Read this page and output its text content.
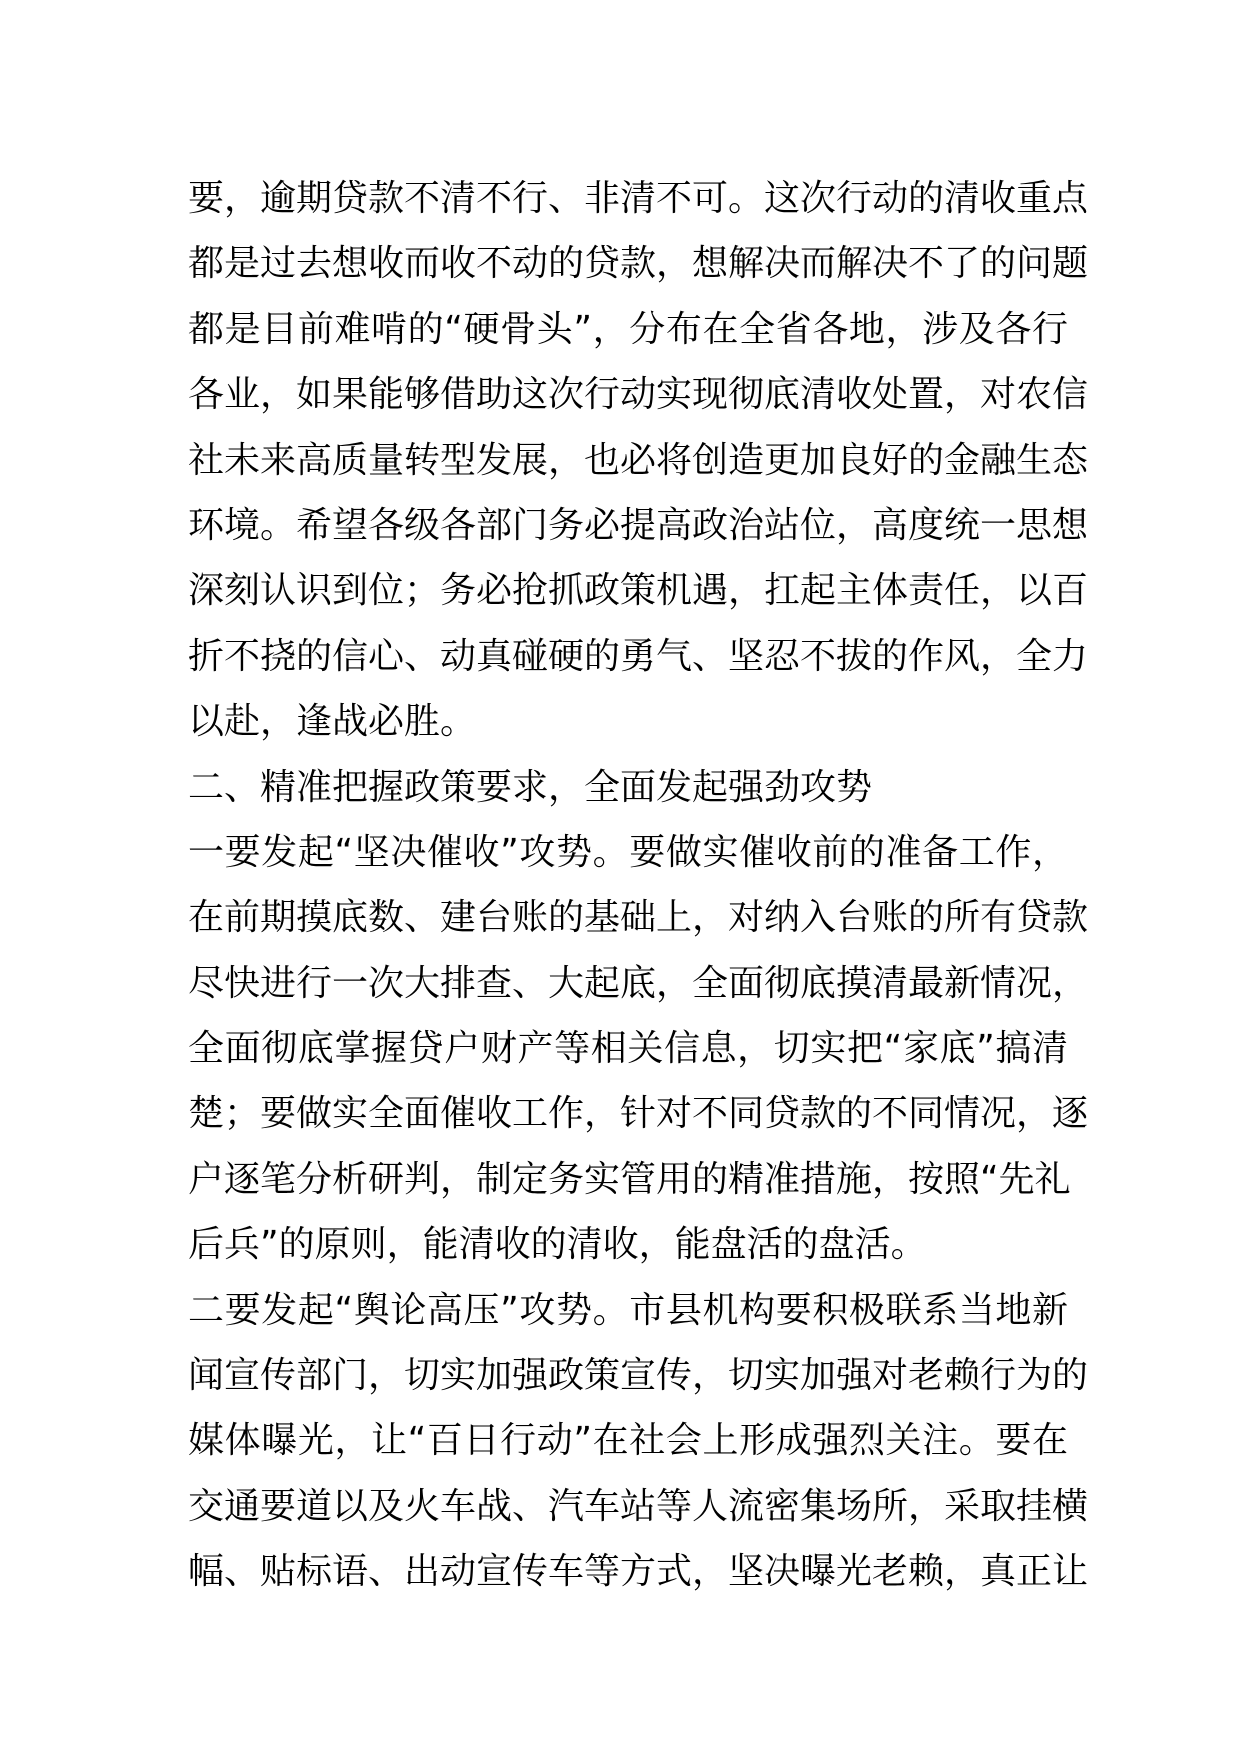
要，逾期贷款不清不行、非清不可。这次行动的清收重点
都是过去想收而收不动的贷款，想解决而解决不了的问题
都是目前难啃的“硬骨头”，分布在全省各地，涉及各行
各业，如果能够借助这次行动实现彻底清收处置，对农信
社未来高质量转型发展，也必将创造更加良好的金融生态
环境。希望各级各部门务必提高政治站位，高度统一思想
深刻认识到位；务必抢抓政策机遇，扛起主体责任，以百
折不挠的信心、动真碰硬的勇气、坚忍不拔的作风，全力
以赴，逢战必胜。
二、精准把握政策要求，全面发起强劲攻势
一要发起“坚决催收”攻势。要做实催收前的准备工作，
在前期摸底数、建台账的基础上，对纳入台账的所有贷款
尽快进行一次大排查、大起底，全面彻底摸清最新情况，
全面彻底掌握贷户财产等相关信息，切实把“家底”搞清
楚；要做实全面催收工作，针对不同贷款的不同情况，逐
户逐笔分析研判，制定务实管用的精准措施，按照“先礼
后兵”的原则，能清收的清收，能盘活的盘活。
二要发起“舆论高压”攻势。市县机构要积极联系当地新
闻宣传部门，切实加强政策宣传，切实加强对老赖行为的
媒体曝光，让“百日行动”在社会上形成强烈关注。要在
交通要道以及火车战、汽车站等人流密集场所，采取挂横
幅、贴标语、出动宣传车等方式，坚决曝光老赖，真正让
